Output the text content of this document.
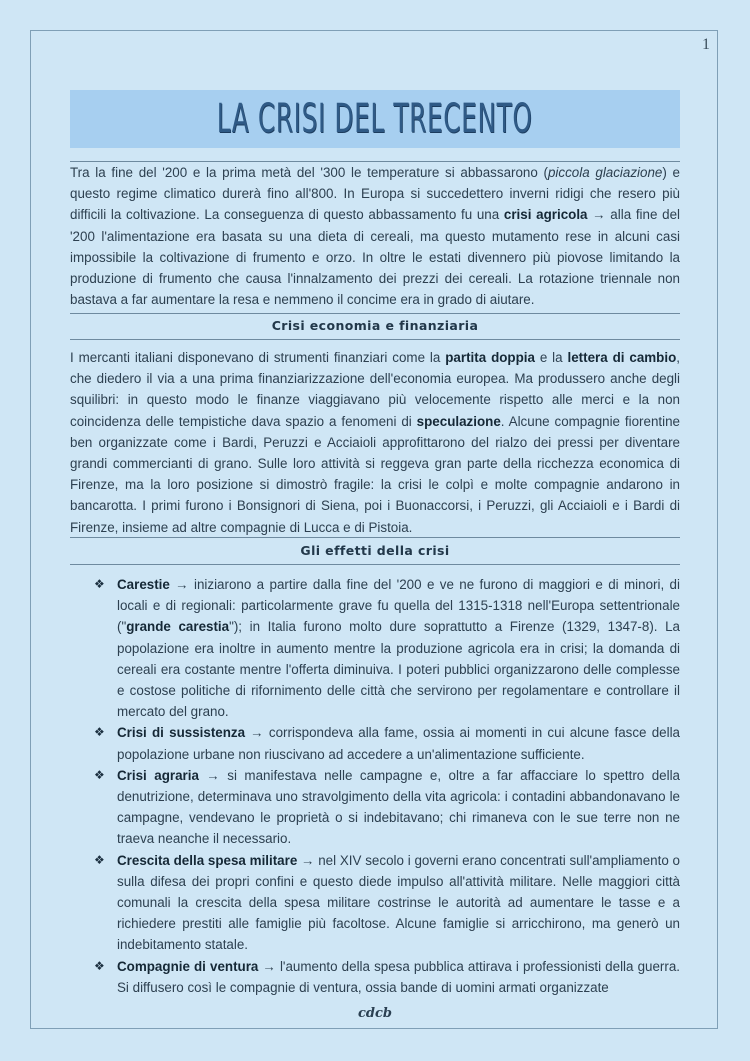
1
LA CRISI DEL TRECENTO

Tra la fine del '200 e la prima metà del '300 le temperature si abbassarono (piccola glaciazione) e questo regime climatico durerà fino all'800. In Europa si succedettero inverni ridigi che resero più difficili la coltivazione. La conseguenza di questo abbassamento fu una crisi agricola → alla fine del '200 l'alimentazione era basata su una dieta di cereali, ma questo mutamento rese in alcuni casi impossibile la coltivazione di frumento e orzo. In oltre le estati divennero più piovose limitando la produzione di frumento che causa l'innalzamento dei prezzi dei cereali. La rotazione triennale non bastava a far aumentare la resa e nemmeno il concime era in grado di aiutare.

Crisi economia e finanziaria

I mercanti italiani disponevano di strumenti finanziari come la partita doppia e la lettera di cambio, che diedero il via a una prima finanziarizzazione dell'economia europea. Ma produssero anche degli squilibri: in questo modo le finanze viaggiavano più velocemente rispetto alle merci e la non coincidenza delle tempistiche dava spazio a fenomeni di speculazione. Alcune compagnie fiorentine ben organizzate come i Bardi, Peruzzi e Acciaioli approfittarono del rialzo dei pressi per diventare grandi commercianti di grano. Sulle loro attività si reggeva gran parte della ricchezza economica di Firenze, ma la loro posizione si dimostrò fragile: la crisi le colpì e molte compagnie andarono in bancarotta. I primi furono i Bonsignori di Siena, poi i Buonaccorsi, i Peruzzi, gli Acciaioli e i Bardi di Firenze, insieme ad altre compagnie di Lucca e di Pistoia.

Gli effetti della crisi
❖ Carestie → iniziarono a partire dalla fine del '200 e ve ne furono di maggiori e di minori, di locali e di regionali: particolarmente grave fu quella del 1315-1318 nell'Europa settentrionale ("grande carestia"); in Italia furono molto dure soprattutto a Firenze (1329, 1347-8). La popolazione era inoltre in aumento mentre la produzione agricola era in crisi; la domanda di cereali era costante mentre l'offerta diminuiva. I poteri pubblici organizzarono delle complesse e costose politiche di rifornimento delle città che servirono per regolamentare e controllare il mercato del grano.
❖ Crisi di sussistenza → corrispondeva alla fame, ossia ai momenti in cui alcune fasce della popolazione urbane non riuscivano ad accedere a un'alimentazione sufficiente.
❖ Crisi agraria → si manifestava nelle campagne e, oltre a far affacciare lo spettro della denutrizione, determinava uno stravolgimento della vita agricola: i contadini abbandonavano le campagne, vendevano le proprietà o si indebitavano; chi rimaneva con le sue terre non ne traeva neanche il necessario.
❖ Crescita della spesa militare → nel XIV secolo i governi erano concentrati sull'ampliamento o sulla difesa dei propri confini e questo diede impulso all'attività militare. Nelle maggiori città comunali la crescita della spesa militare costrinse le autorità ad aumentare le tasse e a richiedere prestiti alle famiglie più facoltose. Alcune famiglie si arricchirono, ma generò un indebitamento statale.
❖ Compagnie di ventura → l'aumento della spesa pubblica attirava i professionisti della guerra. Si diffusero così le compagnie di ventura, ossia bande di uomini armati organizzate
cdcb
